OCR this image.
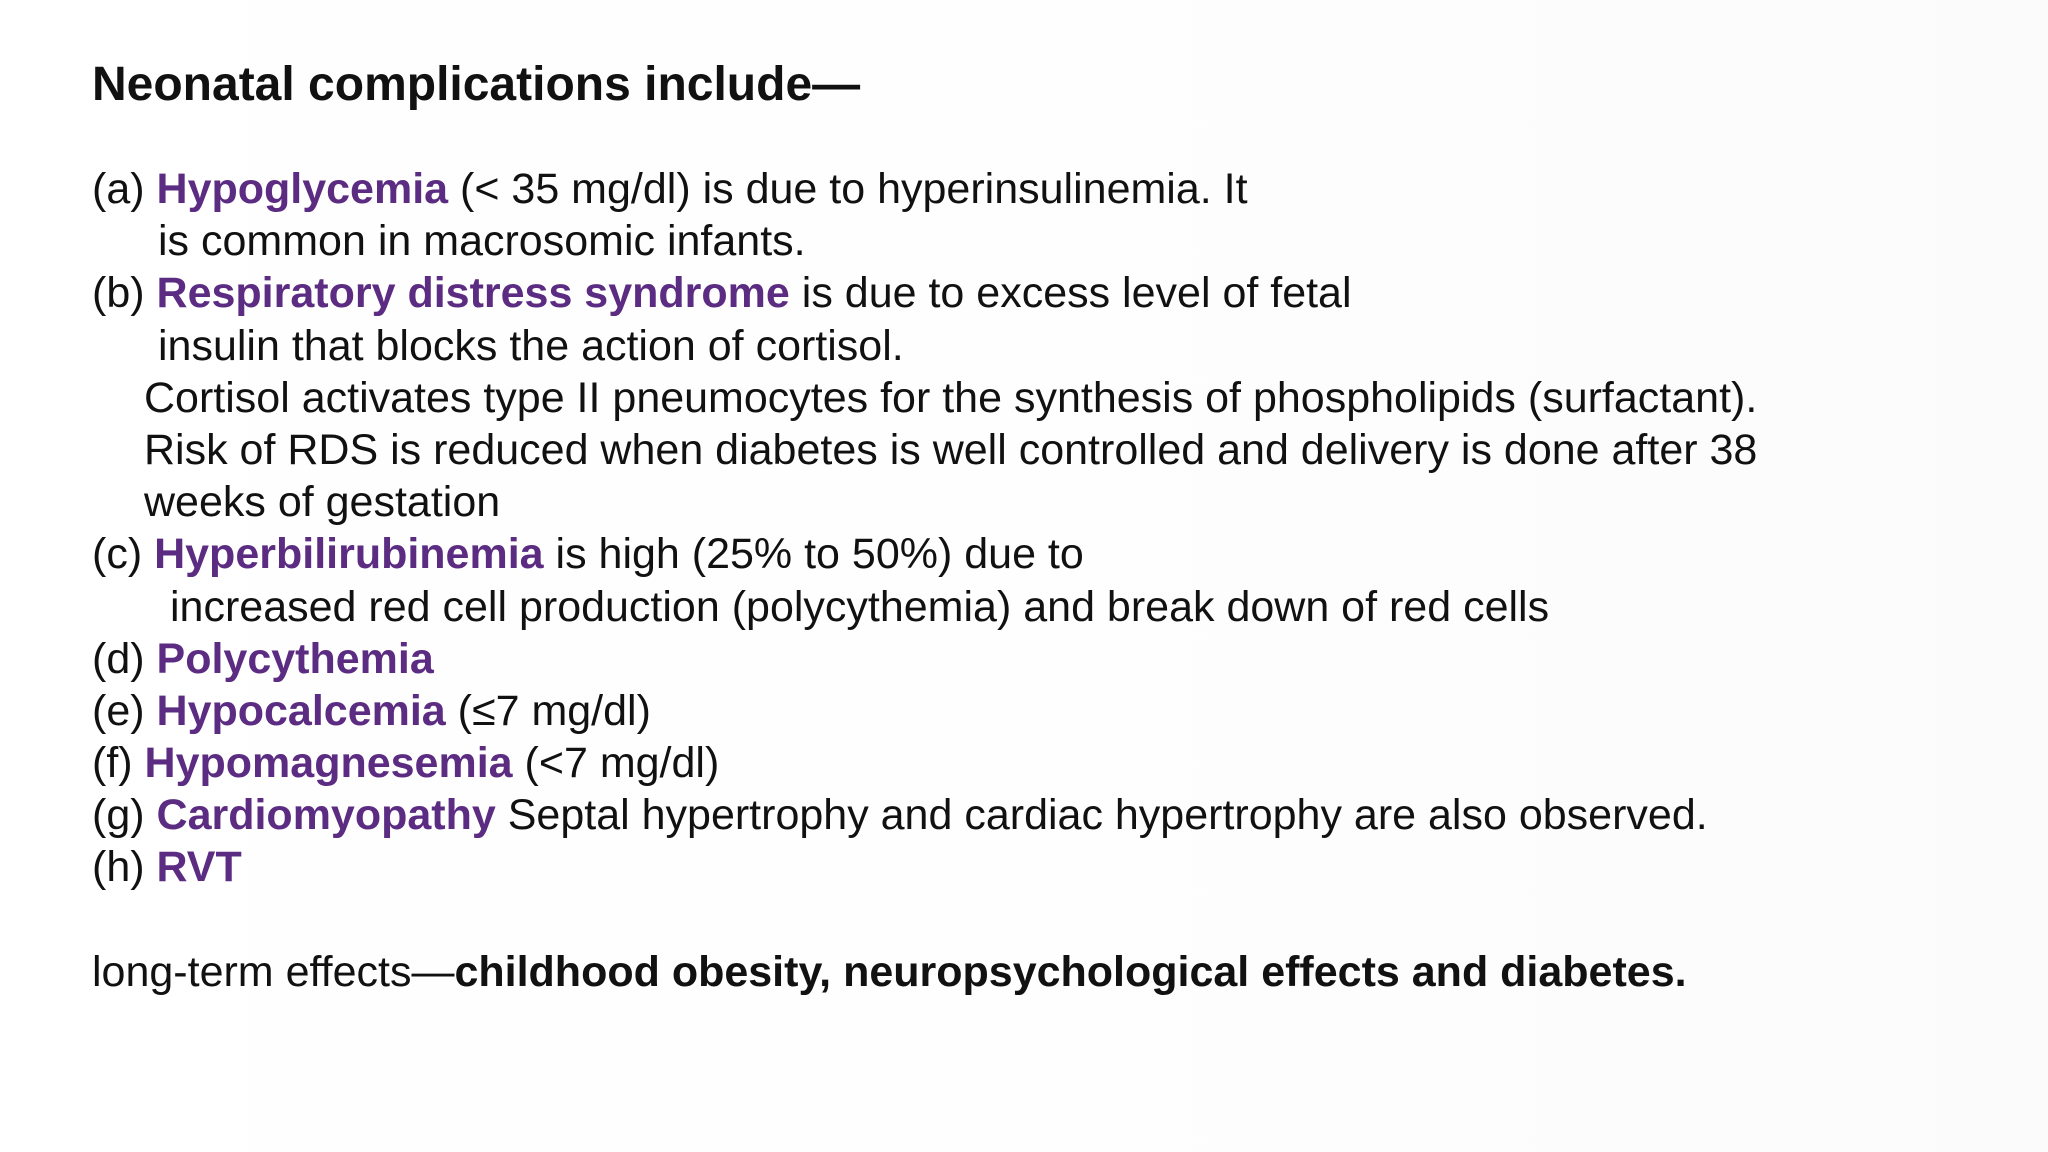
Neonatal complications include—
(a) Hypoglycemia (< 35 mg/dl) is due to hyperinsulinemia. It
is common in macrosomic infants.
(b) Respiratory distress syndrome is due to excess level of fetal
insulin that blocks the action of cortisol.
Cortisol activates type II pneumocytes for the synthesis of phospholipids (surfactant).
Risk of RDS is reduced when diabetes is well controlled and delivery is done after 38
weeks of gestation
(c) Hyperbilirubinemia is high (25% to 50%) due to
increased red cell production (polycythemia) and break down of red cells
(d) Polycythemia
(e) Hypocalcemia (≤7 mg/dl)
(f) Hypomagnesemia (<7 mg/dl)
(g) Cardiomyopathy Septal hypertrophy and cardiac hypertrophy are also observed.
(h) RVT
long-term effects—childhood obesity, neuropsychological effects and diabetes.
